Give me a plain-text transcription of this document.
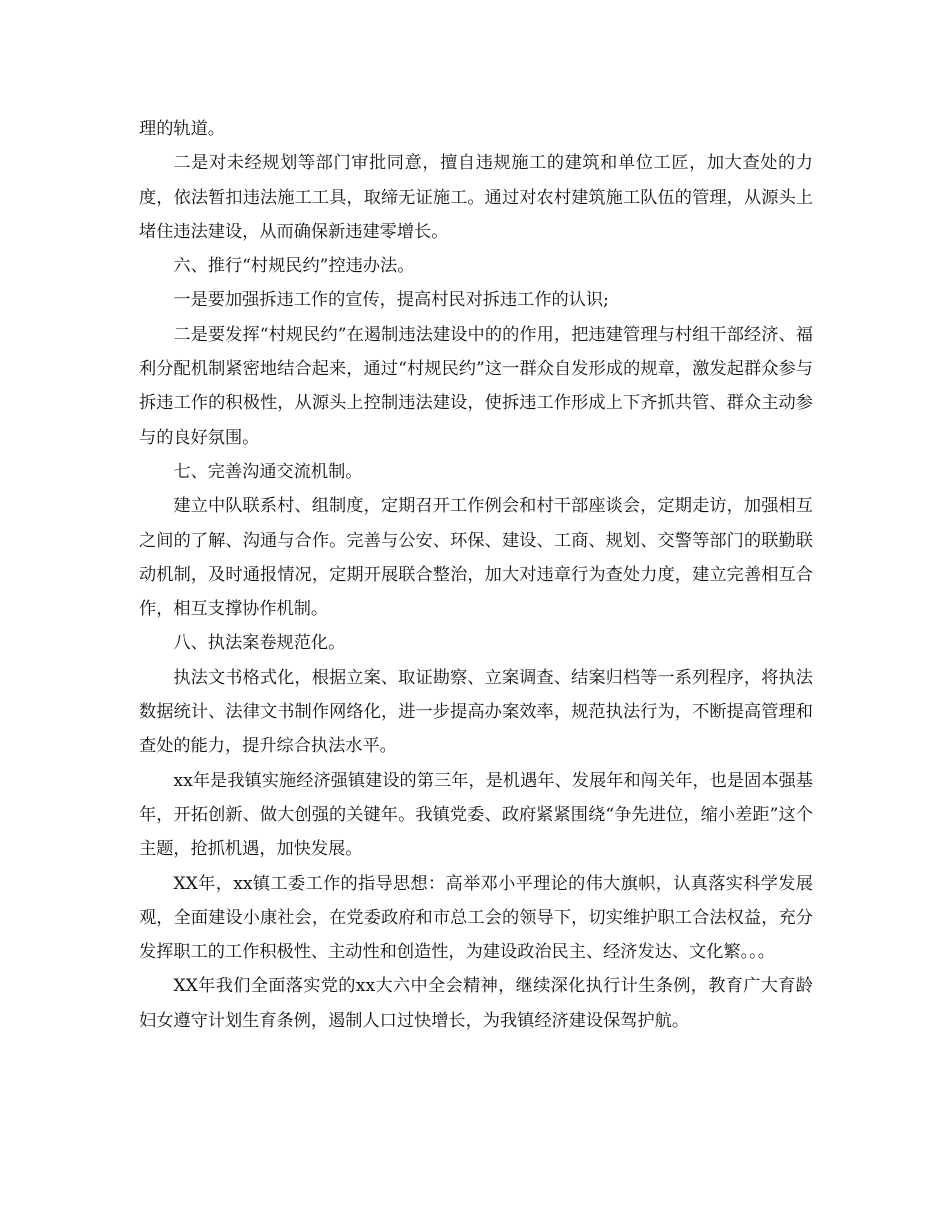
理的轨道。

二是对未经规划等部门审批同意，擅自违规施工的建筑和单位工匠，加大查处的力度，依法暂扣违法施工工具，取缔无证施工。通过对农村建筑施工队伍的管理，从源头上堵住违法建设，从而确保新违建零增长。

六、推行“村规民约”控违办法。

一是要加强拆违工作的宣传，提高村民对拆违工作的认识;

二是要发挥“村规民约”在遏制违法建设中的的作用，把违建管理与村组干部经济、福利分配机制紧密地结合起来，通过“村规民约”这一群众自发形成的规章，激发起群众参与拆违工作的积极性，从源头上控制违法建设，使拆违工作形成上下齐抓共管、群众主动参与的良好氛围。

七、完善沟通交流机制。

建立中队联系村、组制度，定期召开工作例会和村干部座谈会，定期走访，加强相互之间的了解、沟通与合作。完善与公安、环保、建设、工商、规划、交警等部门的联勤联动机制，及时通报情况，定期开展联合整治，加大对违章行为查处力度，建立完善相互合作，相互支撑协作机制。

八、执法案卷规范化。

执法文书格式化，根据立案、取证勘察、立案调查、结案归档等一系列程序，将执法数据统计、法律文书制作网络化，进一步提高办案效率，规范执法行为，不断提高管理和查处的能力，提升综合执法水平。

xx年是我镇实施经济强镇建设的第三年，是机遇年、发展年和闯关年，也是固本强基年，开拓创新、做大创强的关键年。我镇党委、政府紧紧围绕“争先进位，缩小差距”这个主题，抢抓机遇，加快发展。

XX年，xx镇工委工作的指导思想：高举邓小平理论的伟大旗帜，认真落实科学发展观，全面建设小康社会，在党委政府和市总工会的领导下，切实维护职工合法权益，充分发挥职工的工作积极性、主动性和创造性，为建设政治民主、经济发达、文化繁。。。

XX年我们全面落实党的xx大六中全会精神，继续深化执行计生条例，教育广大育龄妇女遵守计划生育条例，遏制人口过快增长，为我镇经济建设保驾护航。
